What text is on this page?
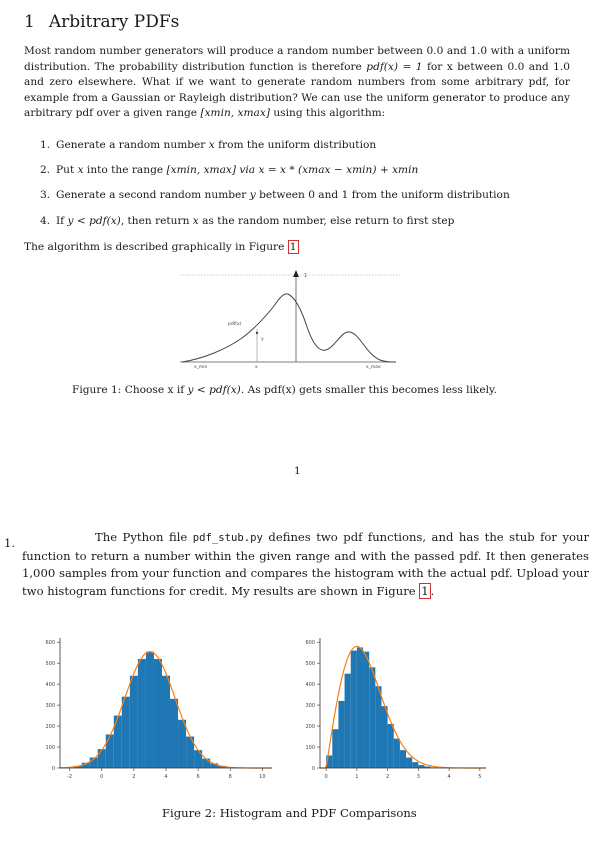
1 Arbitrary PDFs
Most random number generators will produce a random number between 0.0 and 1.0 with a uniform distribution. The probability distribution function is therefore pdf(x) = 1 for x between 0.0 and 1.0 and zero elsewhere. What if we want to generate random numbers from some arbitrary pdf, for example from a Gaussian or Rayleigh distribution? We can use the uniform generator to produce any arbitrary pdf over a given range [xmin, xmax] using this algorithm:
1. Generate a random number x from the uniform distribution
2. Put x into the range [xmin, xmax] via x = x * (xmax − xmin) + xmin
3. Generate a second random number y between 0 and 1 from the uniform distribution
4. If y < pdf(x), then return x as the random number, else return to first step
The algorithm is described graphically in Figure 1
1
pdf(x)
y
x
x_min	x_max
Figure 1: Choose x if y < pdf(x). As pdf(x) gets smaller this becomes less likely.
1
1.	The Python file pdf_stub.py defines two pdf functions, and has the stub for your function to return a number within the given range and with the passed pdf. It then generates 1,000 samples from your function and compares the histogram with the actual pdf. Upload your two histogram functions for credit. My results are shown in Figure 1 .
0
100
200
300
400
500
600
-2	0	2	4	6	8	10
0
100
200
300
400
500
600
0	1	2	3	4	5
Figure 2: Histogram and PDF Comparisons
